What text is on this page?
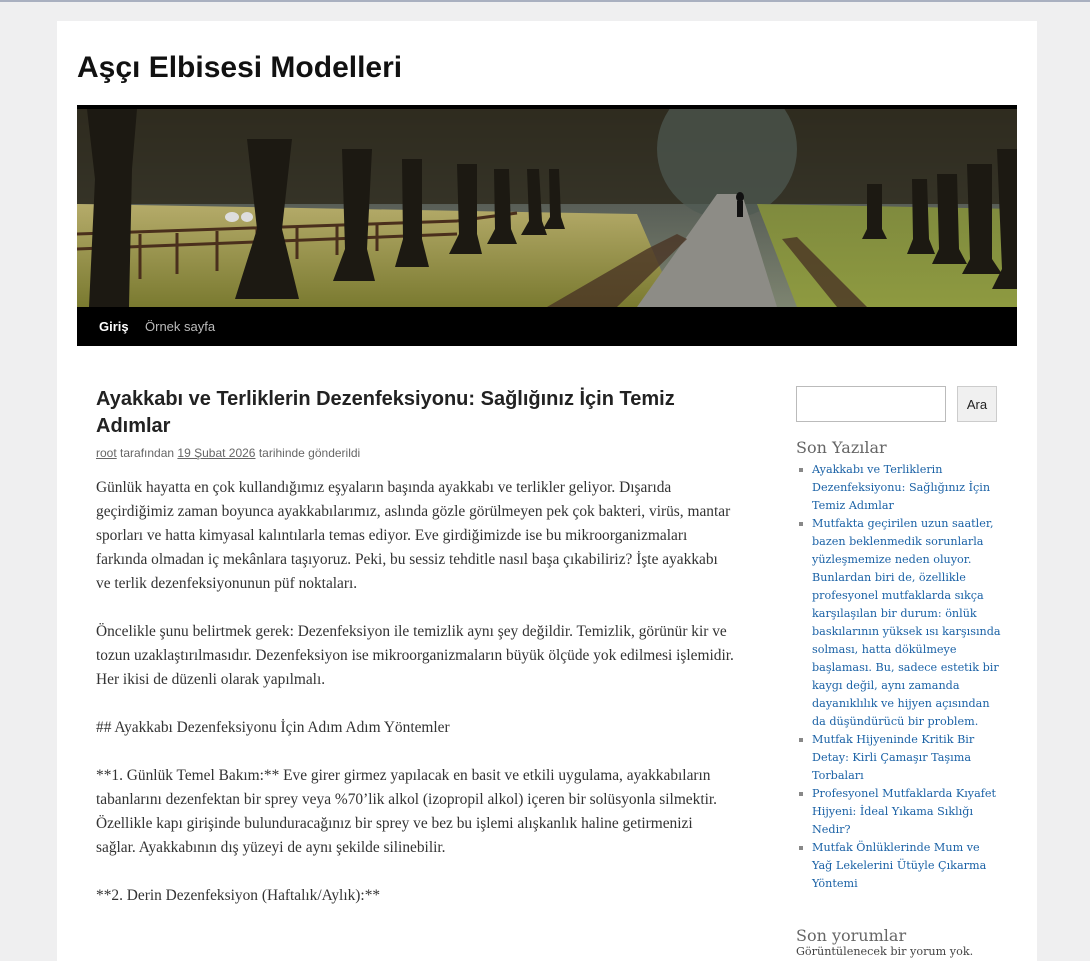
Aşçı Elbisesi Modelleri
Giriş Örnek sayfa
Ayakkabı ve Terliklerin Dezenfeksiyonu: Sağlığınız İçin Temiz Adımlar
root tarafından 19 Şubat 2026 tarihinde gönderildi

Günlük hayatta en çok kullandığımız eşyaların başında ayakkabı ve terlikler geliyor. Dışarıda geçirdiğimiz zaman boyunca ayakkabılarımız, aslında gözle görülmeyen pek çok bakteri, virüs, mantar sporları ve hatta kimyasal kalıntılarla temas ediyor. Eve girdiğimizde ise bu mikroorganizmaları farkında olmadan iç mekânlara taşıyoruz. Peki, bu sessiz tehditle nasıl başa çıkabiliriz? İşte ayakkabı ve terlik dezenfeksiyonunun püf noktaları.

Öncelikle şunu belirtmek gerek: Dezenfeksiyon ile temizlik aynı şey değildir. Temizlik, görünür kir ve tozun uzaklaştırılmasıdır. Dezenfeksiyon ise mikroorganizmaların büyük ölçüde yok edilmesi işlemidir. Her ikisi de düzenli olarak yapılmalı.

## Ayakkabı Dezenfeksiyonu İçin Adım Adım Yöntemler

**1. Günlük Temel Bakım:** Eve girer girmez yapılacak en basit ve etkili uygulama, ayakkabıların tabanlarını dezenfektan bir sprey veya %70’lik alkol (izopropil alkol) içeren bir solüsyonla silmektir. Özellikle kapı girişinde bulunduracağınız bir sprey ve bez bu işlemi alışkanlık haline getirmenizi sağlar. Ayakkabının dış yüzeyi de aynı şekilde silinebilir.

**2. Derin Dezenfeksiyon (Haftalık/Aylık):**

Ara
Son Yazılar
Ayakkabı ve Terliklerin Dezenfeksiyonu: Sağlığınız İçin Temiz Adımlar
Mutfakta geçirilen uzun saatler, bazen beklenmedik sorunlarla yüzleşmemize neden oluyor. Bunlardan biri de, özellikle profesyonel mutfaklarda sıkça karşılaşılan bir durum: önlük baskılarının yüksek ısı karşısında solması, hatta dökülmeye başlaması. Bu, sadece estetik bir kaygı değil, aynı zamanda dayanıklılık ve hijyen açısından da düşündürücü bir problem.
Mutfak Hijyeninde Kritik Bir Detay: Kirli Çamaşır Taşıma Torbaları
Profesyonel Mutfaklarda Kıyafet Hijyeni: İdeal Yıkama Sıklığı Nedir?
Mutfak Önlüklerinde Mum ve Yağ Lekelerini Ütüyle Çıkarma Yöntemi
Son yorumlar
Görüntülenecek bir yorum yok.
